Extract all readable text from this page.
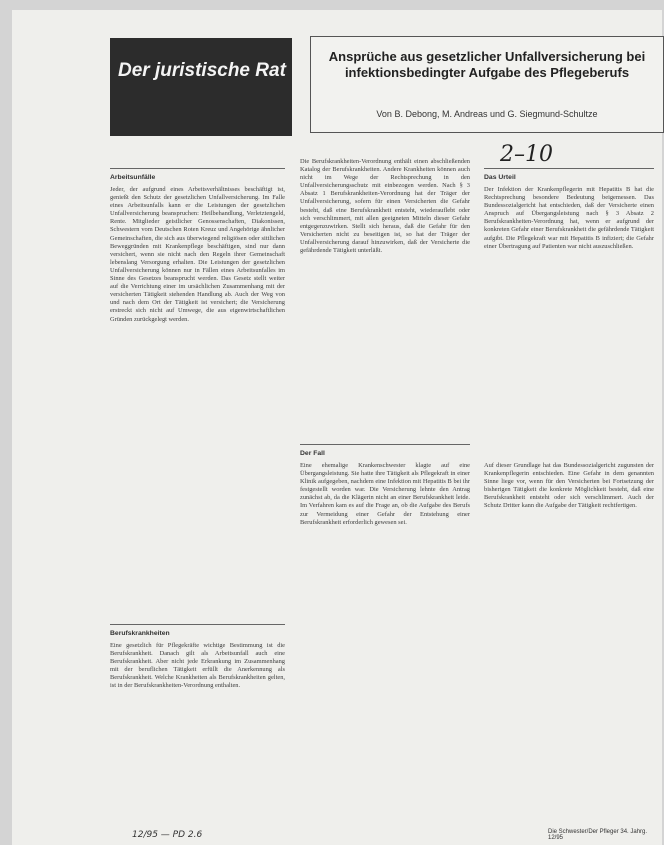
Der juristische Rat
Ansprüche aus gesetzlicher Unfallversicherung bei infektionsbedingter Aufgabe des Pflegeberufs
Von B. Debong, M. Andreas und G. Siegmund-Schultze
2–10
Arbeitsunfälle

Jeder, der aufgrund eines Arbeitsverhältnisses beschäftigt ist, genießt den Schutz der gesetzlichen Unfallversicherung. Im Falle eines Arbeitsunfalls kann er die Leistungen der gesetzlichen Unfallversicherung beanspruchen: Heilbehandlung, Verletztengeld, Rente. Mitglieder geistlicher Genossenschaften, Diakonissen, Schwestern vom Deutschen Roten Kreuz und Angehörige ähnlicher Gemeinschaften, die sich aus überwiegend religiösen oder sittlichen Beweggründen mit Krankenpflege beschäftigen, sind nur dann versichert, wenn sie nicht nach den Regeln ihrer Gemeinschaft lebenslang Versorgung erhalten. Die Leistungen der gesetzlichen Unfallversicherung können nur in Fällen eines Arbeitsunfalles im Sinne des Gesetzes beansprucht werden. Das Gesetz stellt weiter auf die Verrichtung einer im ursächlichen Zusammenhang mit der versicherten Tätigkeit stehenden Handlung ab. Auch der Weg von und nach dem Ort der Tätigkeit ist versichert; die Versicherung erstreckt sich nicht auf Umwege, die aus eigenwirtschaftlichen Gründen zurückgelegt werden.

Berufskrankheiten

Eine gesetzlich für Pflegekräfte wichtige Bestimmung ist die Berufskrankheit. Danach gilt als Arbeitsunfall auch eine Berufskrankheit. Aber nicht jede Erkrankung im Zusammenhang mit der beruflichen Tätigkeit erfüllt die Anerkennung als Berufskrankheit. Welche Krankheiten als Berufskrankheiten gelten, ist in der Berufskrankheiten-Verordnung enthalten.

Die Berufskrankheiten-Verordnung enthält einen abschließenden Katalog der Berufskrankheiten. Andere Krankheiten können auch nicht im Wege der Rechtsprechung in den Unfallversicherungsschutz mit einbezogen werden. Nach § 3 Absatz 1 Berufskrankheiten-Verordnung hat der Träger der Unfallversicherung, sofern für einen Versicherten die Gefahr besteht, daß eine Berufskrankheit entsteht, wiederauflebt oder sich verschlimmert, mit allen geeigneten Mitteln dieser Gefahr entgegenzuwirken. Stellt sich heraus, daß die Gefahr für den Versicherten nicht zu beseitigen ist, so hat der Träger der Unfallversicherung darauf hinzuwirken, daß der Versicherte die gefährdende Tätigkeit unterläßt.

Der Fall

Eine ehemalige Krankenschwester klagte auf eine Übergangsleistung. Sie hatte ihre Tätigkeit als Pflegekraft in einer Klinik aufgegeben, nachdem eine Infektion mit Hepatitis B bei ihr festgestellt worden war. Die Versicherung lehnte den Antrag zunächst ab, da die Klägerin nicht an einer Berufskrankheit leide. Im Verfahren kam es auf die Frage an, ob die Aufgabe des Berufs zur Vermeidung einer Gefahr der Entstehung einer Berufskrankheit erforderlich gewesen sei.

Das Urteil

Der Infektion der Krankenpflegerin mit Hepatitis B hat die Rechtsprechung besondere Bedeutung beigemessen. Das Bundessozialgericht hat entschieden, daß der Versicherte einen Anspruch auf Übergangsleistung nach § 3 Absatz 2 Berufskrankheiten-Verordnung hat, wenn er aufgrund der konkreten Gefahr einer Berufskrankheit die gefährdende Tätigkeit aufgibt. Die Pflegekraft war mit Hepatitis B infiziert; die Gefahr einer Übertragung auf Patienten war nicht auszuschließen.

Auf dieser Grundlage hat das Bundessozialgericht zugunsten der Krankenpflegerin entschieden. Eine Gefahr in dem genannten Sinne liege vor, wenn für den Versicherten bei Fortsetzung der bisherigen Tätigkeit die konkrete Möglichkeit besteht, daß eine Berufskrankheit entsteht oder sich verschlimmert. Auch der Schutz Dritter kann die Aufgabe der Tätigkeit rechtfertigen.

12/95 — PD 2.6	Die Schwester/Der Pfleger 34. Jahrg. 12/95
